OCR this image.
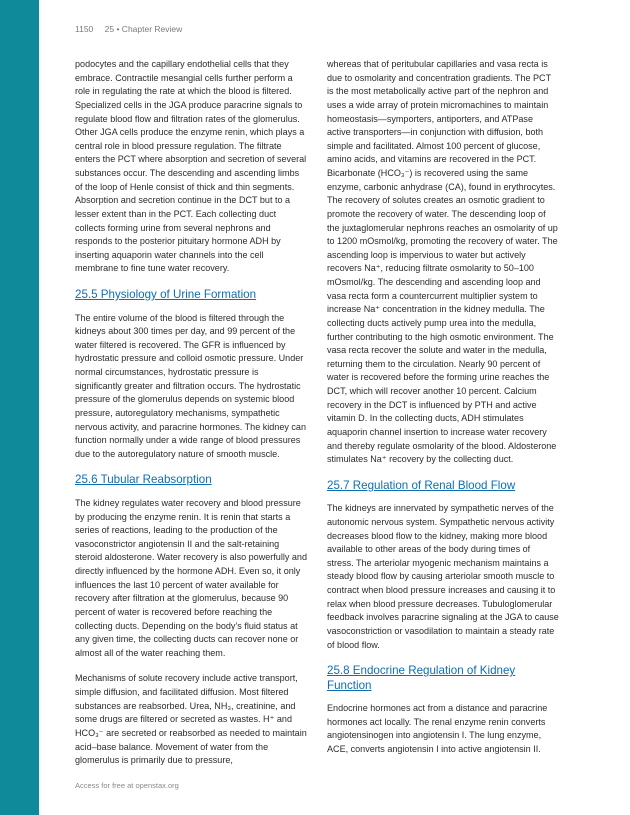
1150 25 • Chapter Review

podocytes and the capillary endothelial cells that they embrace. Contractile mesangial cells further perform a role in regulating the rate at which the blood is filtered. Specialized cells in the JGA produce paracrine signals to regulate blood flow and filtration rates of the glomerulus. Other JGA cells produce the enzyme renin, which plays a central role in blood pressure regulation. The filtrate enters the PCT where absorption and secretion of several substances occur. The descending and ascending limbs of the loop of Henle consist of thick and thin segments. Absorption and secretion continue in the DCT but to a lesser extent than in the PCT. Each collecting duct collects forming urine from several nephrons and responds to the posterior pituitary hormone ADH by inserting aquaporin water channels into the cell membrane to fine tune water recovery.

25.5 Physiology of Urine Formation

The entire volume of the blood is filtered through the kidneys about 300 times per day, and 99 percent of the water filtered is recovered. The GFR is influenced by hydrostatic pressure and colloid osmotic pressure. Under normal circumstances, hydrostatic pressure is significantly greater and filtration occurs. The hydrostatic pressure of the glomerulus depends on systemic blood pressure, autoregulatory mechanisms, sympathetic nervous activity, and paracrine hormones. The kidney can function normally under a wide range of blood pressures due to the autoregulatory nature of smooth muscle.

25.6 Tubular Reabsorption

The kidney regulates water recovery and blood pressure by producing the enzyme renin. It is renin that starts a series of reactions, leading to the production of the vasoconstrictor angiotensin II and the salt-retaining steroid aldosterone. Water recovery is also powerfully and directly influenced by the hormone ADH. Even so, it only influences the last 10 percent of water available for recovery after filtration at the glomerulus, because 90 percent of water is recovered before reaching the collecting ducts. Depending on the body’s fluid status at any given time, the collecting ducts can recover none or almost all of the water reaching them.

Mechanisms of solute recovery include active transport, simple diffusion, and facilitated diffusion. Most filtered substances are reabsorbed. Urea, NH₃, creatinine, and some drugs are filtered or secreted as wastes. H⁺ and HCO₃⁻ are secreted or reabsorbed as needed to maintain acid–base balance. Movement of water from the glomerulus is primarily due to pressure,

whereas that of peritubular capillaries and vasa recta is due to osmolarity and concentration gradients. The PCT is the most metabolically active part of the nephron and uses a wide array of protein micromachines to maintain homeostasis—symporters, antiporters, and ATPase active transporters—in conjunction with diffusion, both simple and facilitated. Almost 100 percent of glucose, amino acids, and vitamins are recovered in the PCT. Bicarbonate (HCO₃⁻) is recovered using the same enzyme, carbonic anhydrase (CA), found in erythrocytes. The recovery of solutes creates an osmotic gradient to promote the recovery of water. The descending loop of the juxtaglomerular nephrons reaches an osmolarity of up to 1200 mOsmol/kg, promoting the recovery of water. The ascending loop is impervious to water but actively recovers Na⁺, reducing filtrate osmolarity to 50–100 mOsmol/kg. The descending and ascending loop and vasa recta form a countercurrent multiplier system to increase Na⁺ concentration in the kidney medulla. The collecting ducts actively pump urea into the medulla, further contributing to the high osmotic environment. The vasa recta recover the solute and water in the medulla, returning them to the circulation. Nearly 90 percent of water is recovered before the forming urine reaches the DCT, which will recover another 10 percent. Calcium recovery in the DCT is influenced by PTH and active vitamin D. In the collecting ducts, ADH stimulates aquaporin channel insertion to increase water recovery and thereby regulate osmolarity of the blood. Aldosterone stimulates Na⁺ recovery by the collecting duct.

25.7 Regulation of Renal Blood Flow

The kidneys are innervated by sympathetic nerves of the autonomic nervous system. Sympathetic nervous activity decreases blood flow to the kidney, making more blood available to other areas of the body during times of stress. The arteriolar myogenic mechanism maintains a steady blood flow by causing arteriolar smooth muscle to contract when blood pressure increases and causing it to relax when blood pressure decreases. Tubuloglomerular feedback involves paracrine signaling at the JGA to cause vasoconstriction or vasodilation to maintain a steady rate of blood flow.

25.8 Endocrine Regulation of Kidney Function

Endocrine hormones act from a distance and paracrine hormones act locally. The renal enzyme renin converts angiotensinogen into angiotensin I. The lung enzyme, ACE, converts angiotensin I into active angiotensin II.

Access for free at openstax.org
